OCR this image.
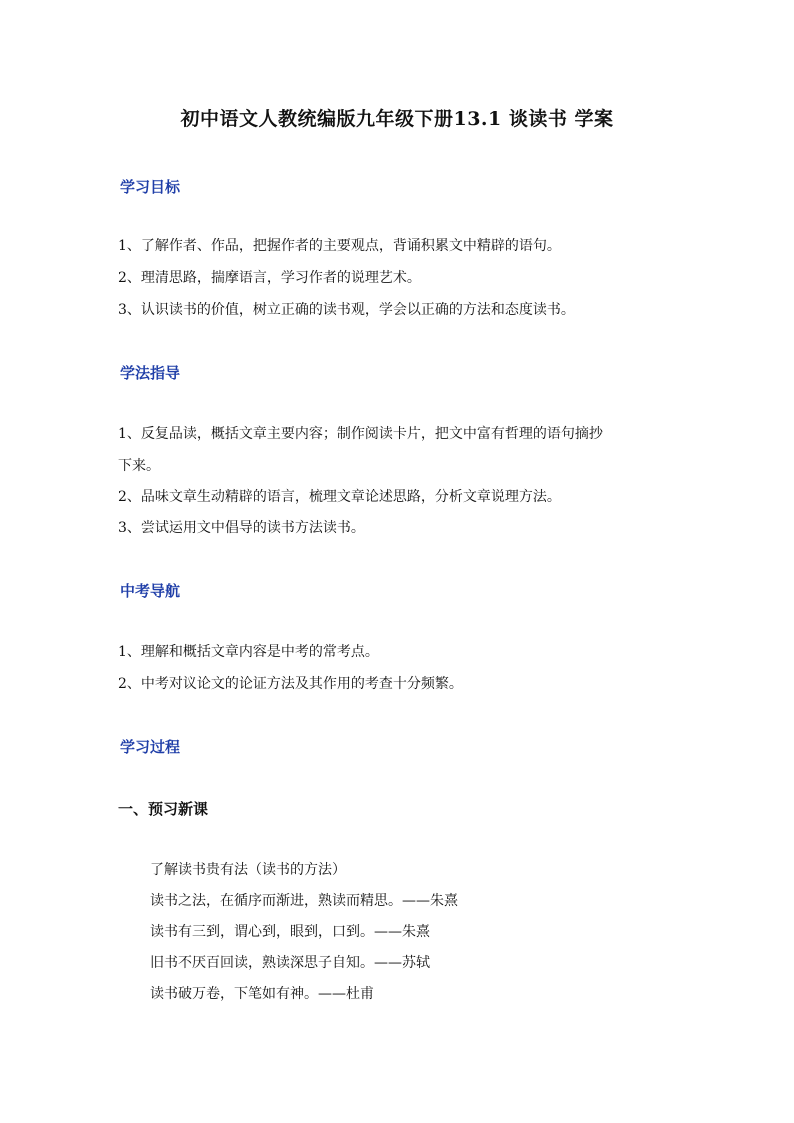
初中语文人教统编版九年级下册13.1 谈读书 学案
学习目标
1、了解作者、作品，把握作者的主要观点，背诵积累文中精辟的语句。
2、理清思路，揣摩语言，学习作者的说理艺术。
3、认识读书的价值，树立正确的读书观，学会以正确的方法和态度读书。
学法指导
1、反复品读，概括文章主要内容；制作阅读卡片，把文中富有哲理的语句摘抄
下来。
2、品味文章生动精辟的语言，梳理文章论述思路，分析文章说理方法。
3、尝试运用文中倡导的读书方法读书。
中考导航
1、理解和概括文章内容是中考的常考点。
2、中考对议论文的论证方法及其作用的考查十分频繁。
学习过程
一、预习新课
了解读书贵有法（读书的方法）
读书之法，在循序而渐进，熟读而精思。——朱熹
读书有三到，谓心到，眼到，口到。——朱熹
旧书不厌百回读，熟读深思子自知。——苏轼
读书破万卷，下笔如有神。——杜甫
